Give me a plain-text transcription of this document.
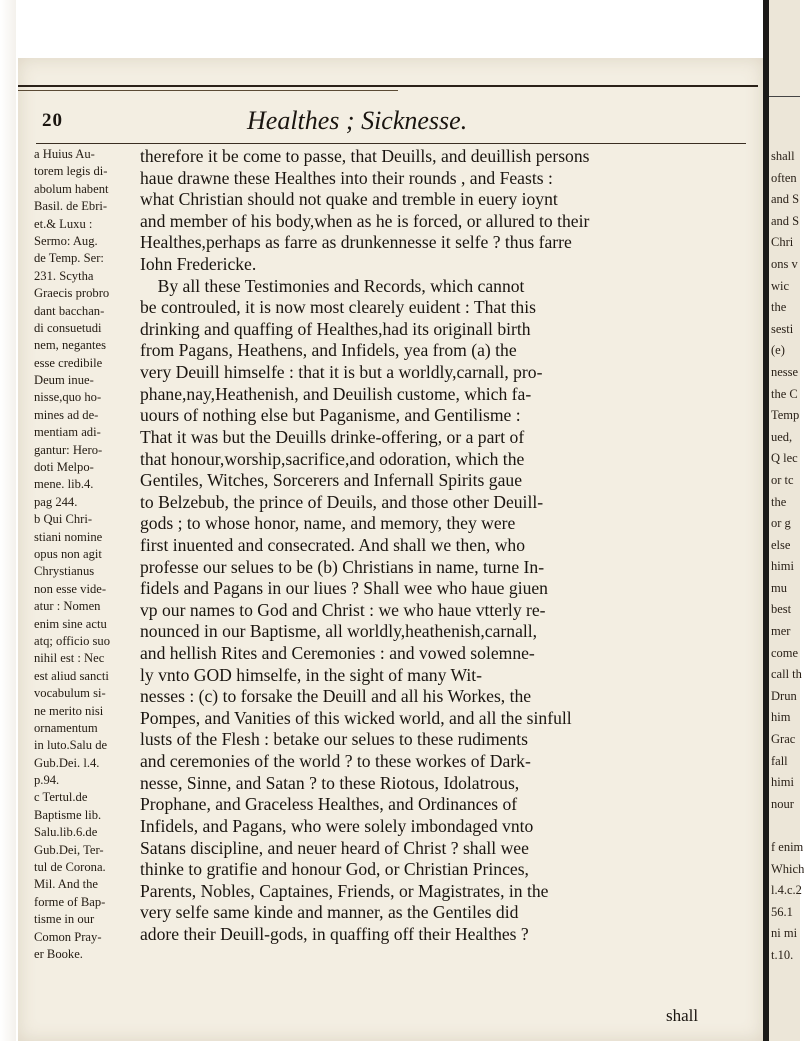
20	Healthes ; Sicknesse.
a Huius Au-
torem legis di-
abolum habent
Basil. de Ebri-
et.& Luxu :
Sermo: Aug.
de Temp. Ser:
231. Scytha
Graecis probro
dant bacchan-
di consuetudi
nem, negantes
esse credibile
Deum inue-
nisse,quo ho-
mines ad de-
mentiam adi-
gantur: Hero-
doti Melpo-
mene. lib.4.
pag 244.
b Qui Chri-
stiani nomine
opus non agit
Chrystianus
non esse vide-
atur : Nomen
enim sine actu
atq; officio suo
nihil est : Nec
est aliud sancti
vocabulum si-
ne merito nisi
ornamentum
in luto.Salu de
Gub.Dei. l.4.
p.94.
c Tertul.de
Baptisme lib.
Salu.lib.6.de
Gub.Dei, Ter-
tul de Corona.
Mil. And the
forme of Bap-
tisme in our
Comon Pray-
er Booke.
therefore it be come to passe, that Deuills, and deuillish persons
haue drawne these Healthes into their rounds , and Feasts :
what Christian should not quake and tremble in euery ioynt
and member of his body,when as he is forced, or allured to their
Healthes,perhaps as farre as drunkennesse it selfe ? thus farre
Iohn Fredericke.
By all these Testimonies and Records, which cannot
be controuled, it is now most clearely euident : That this
drinking and quaffing of Healthes,had its originall birth
from Pagans, Heathens, and Infidels, yea from (a) the
very Deuill himselfe : that it is but a worldly,carnall, pro-
phane,nay,Heathenish, and Deuilish custome, which fa-
uours of nothing else but Paganisme, and Gentilisme :
That it was but the Deuills drinke-offering, or a part of
that honour,worship,sacrifice,and odoration, which the
Gentiles, Witches, Sorcerers and Infernall Spirits gaue
to Belzebub, the prince of Deuils, and those other Deuill-
gods ; to whose honor, name, and memory, they were
first inuented and consecrated. And shall we then, who
professe our selues to be (b) Christians in name, turne In-
fidels and Pagans in our liues ? Shall wee who haue giuen
vp our names to God and Christ : we who haue vtterly re-
nounced in our Baptisme, all worldly,heathenish,carnall,
and hellish Rites and Ceremonies : and vowed solemne-
ly vnto GOD himselfe, in the sight of many Wit-
nesses : (c) to forsake the Deuill and all his Workes, the
Pompes, and Vanities of this wicked world, and all the sinfull
lusts of the Flesh : betake our selues to these rudiments
and ceremonies of the world ? to these workes of Dark-
nesse, Sinne, and Satan ? to these Riotous, Idolatrous,
Prophane, and Graceless Healthes, and Ordinances of
Infidels, and Pagans, who were solely imbondaged vnto
Satans discipline, and neuer heard of Christ ? shall wee
thinke to gratifie and honour God, or Christian Princes,
Parents, Nobles, Captaines, Friends, or Magistrates, in the
very selfe same kinde and manner, as the Gentiles did
adore their Deuill-gods, in quaffing off their Healthes ?
shall
shall
often
and S
and S
Chri
ons v
wic
the
sesti
(e)
nesse
the C
Temp
ued,
Q lec
or tc
the
or g
else
himi
mu
best
mer
come
call th
Drun
him
Grac
fall
himi
nour
f enim
Which
l.4.c.2
56.1
ni mi
t.10.
